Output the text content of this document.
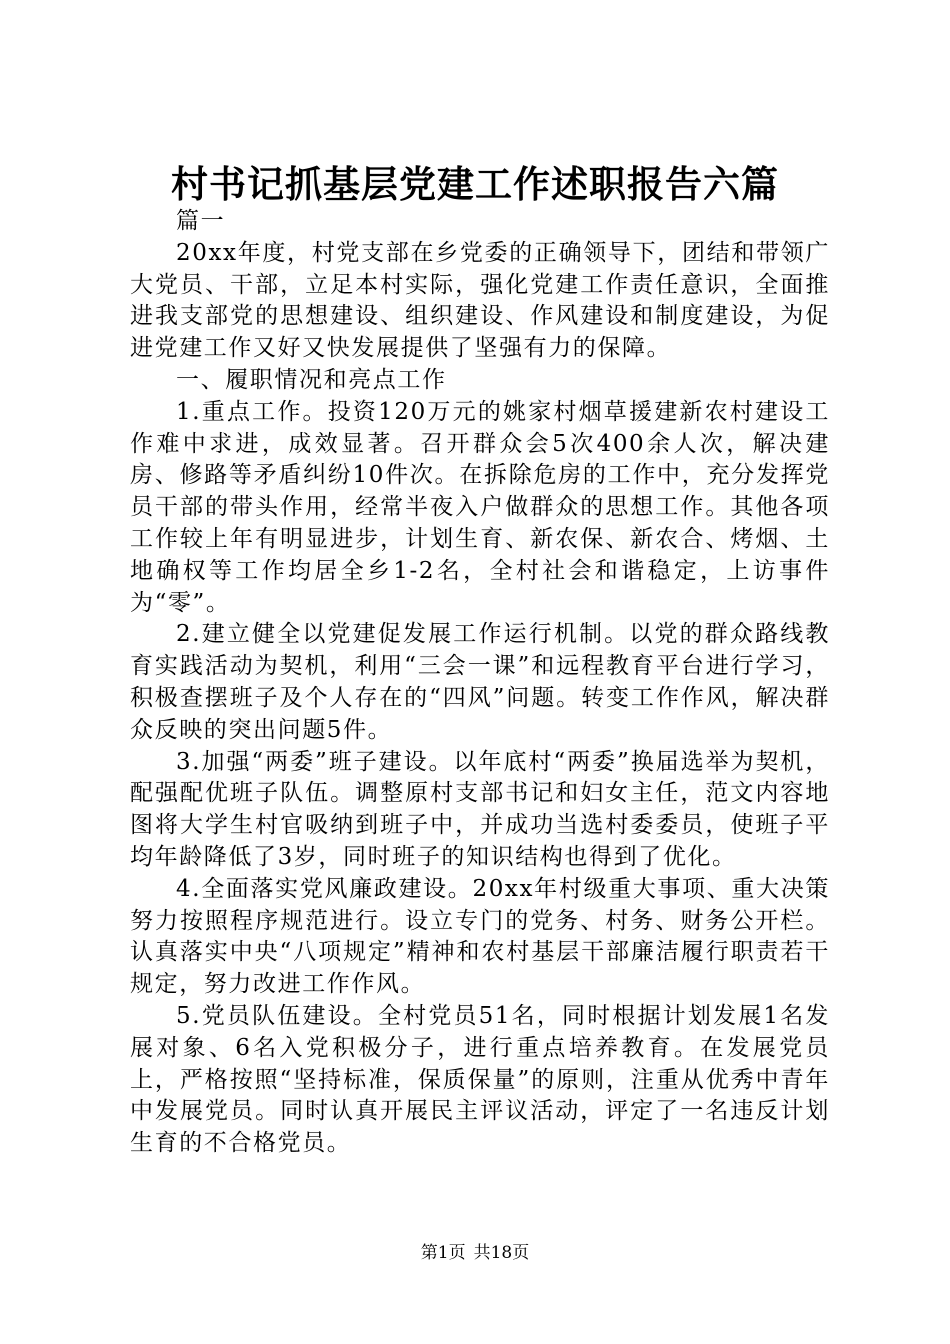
村书记抓基层党建工作述职报告六篇

篇一

20xx年度，村党支部在乡党委的正确领导下，团结和带领广大党员、干部，立足本村实际，强化党建工作责任意识，全面推进我支部党的思想建设、组织建设、作风建设和制度建设，为促进党建工作又好又快发展提供了坚强有力的保障。

一、履职情况和亮点工作

1.重点工作。投资120万元的姚家村烟草援建新农村建设工作难中求进，成效显著。召开群众会5次400余人次，解决建房、修路等矛盾纠纷10件次。在拆除危房的工作中，充分发挥党员干部的带头作用，经常半夜入户做群众的思想工作。其他各项工作较上年有明显进步，计划生育、新农保、新农合、烤烟、土地确权等工作均居全乡1-2名，全村社会和谐稳定，上访事件为“零”。

2.建立健全以党建促发展工作运行机制。以党的群众路线教育实践活动为契机，利用“三会一课”和远程教育平台进行学习，积极查摆班子及个人存在的“四风”问题。转变工作作风，解决群众反映的突出问题5件。

3.加强“两委”班子建设。以年底村“两委”换届选举为契机，配强配优班子队伍。调整原村支部书记和妇女主任，范文内容地图将大学生村官吸纳到班子中，并成功当选村委委员，使班子平均年龄降低了3岁，同时班子的知识结构也得到了优化。

4.全面落实党风廉政建设。20xx年村级重大事项、重大决策努力按照程序规范进行。设立专门的党务、村务、财务公开栏。认真落实中央“八项规定”精神和农村基层干部廉洁履行职责若干规定，努力改进工作作风。

5.党员队伍建设。全村党员51名，同时根据计划发展1名发展对象、6名入党积极分子，进行重点培养教育。在发展党员上，严格按照“坚持标准，保质保量”的原则，注重从优秀中青年中发展党员。同时认真开展民主评议活动，评定了一名违反计划生育的不合格党员。

第1页 共18页
